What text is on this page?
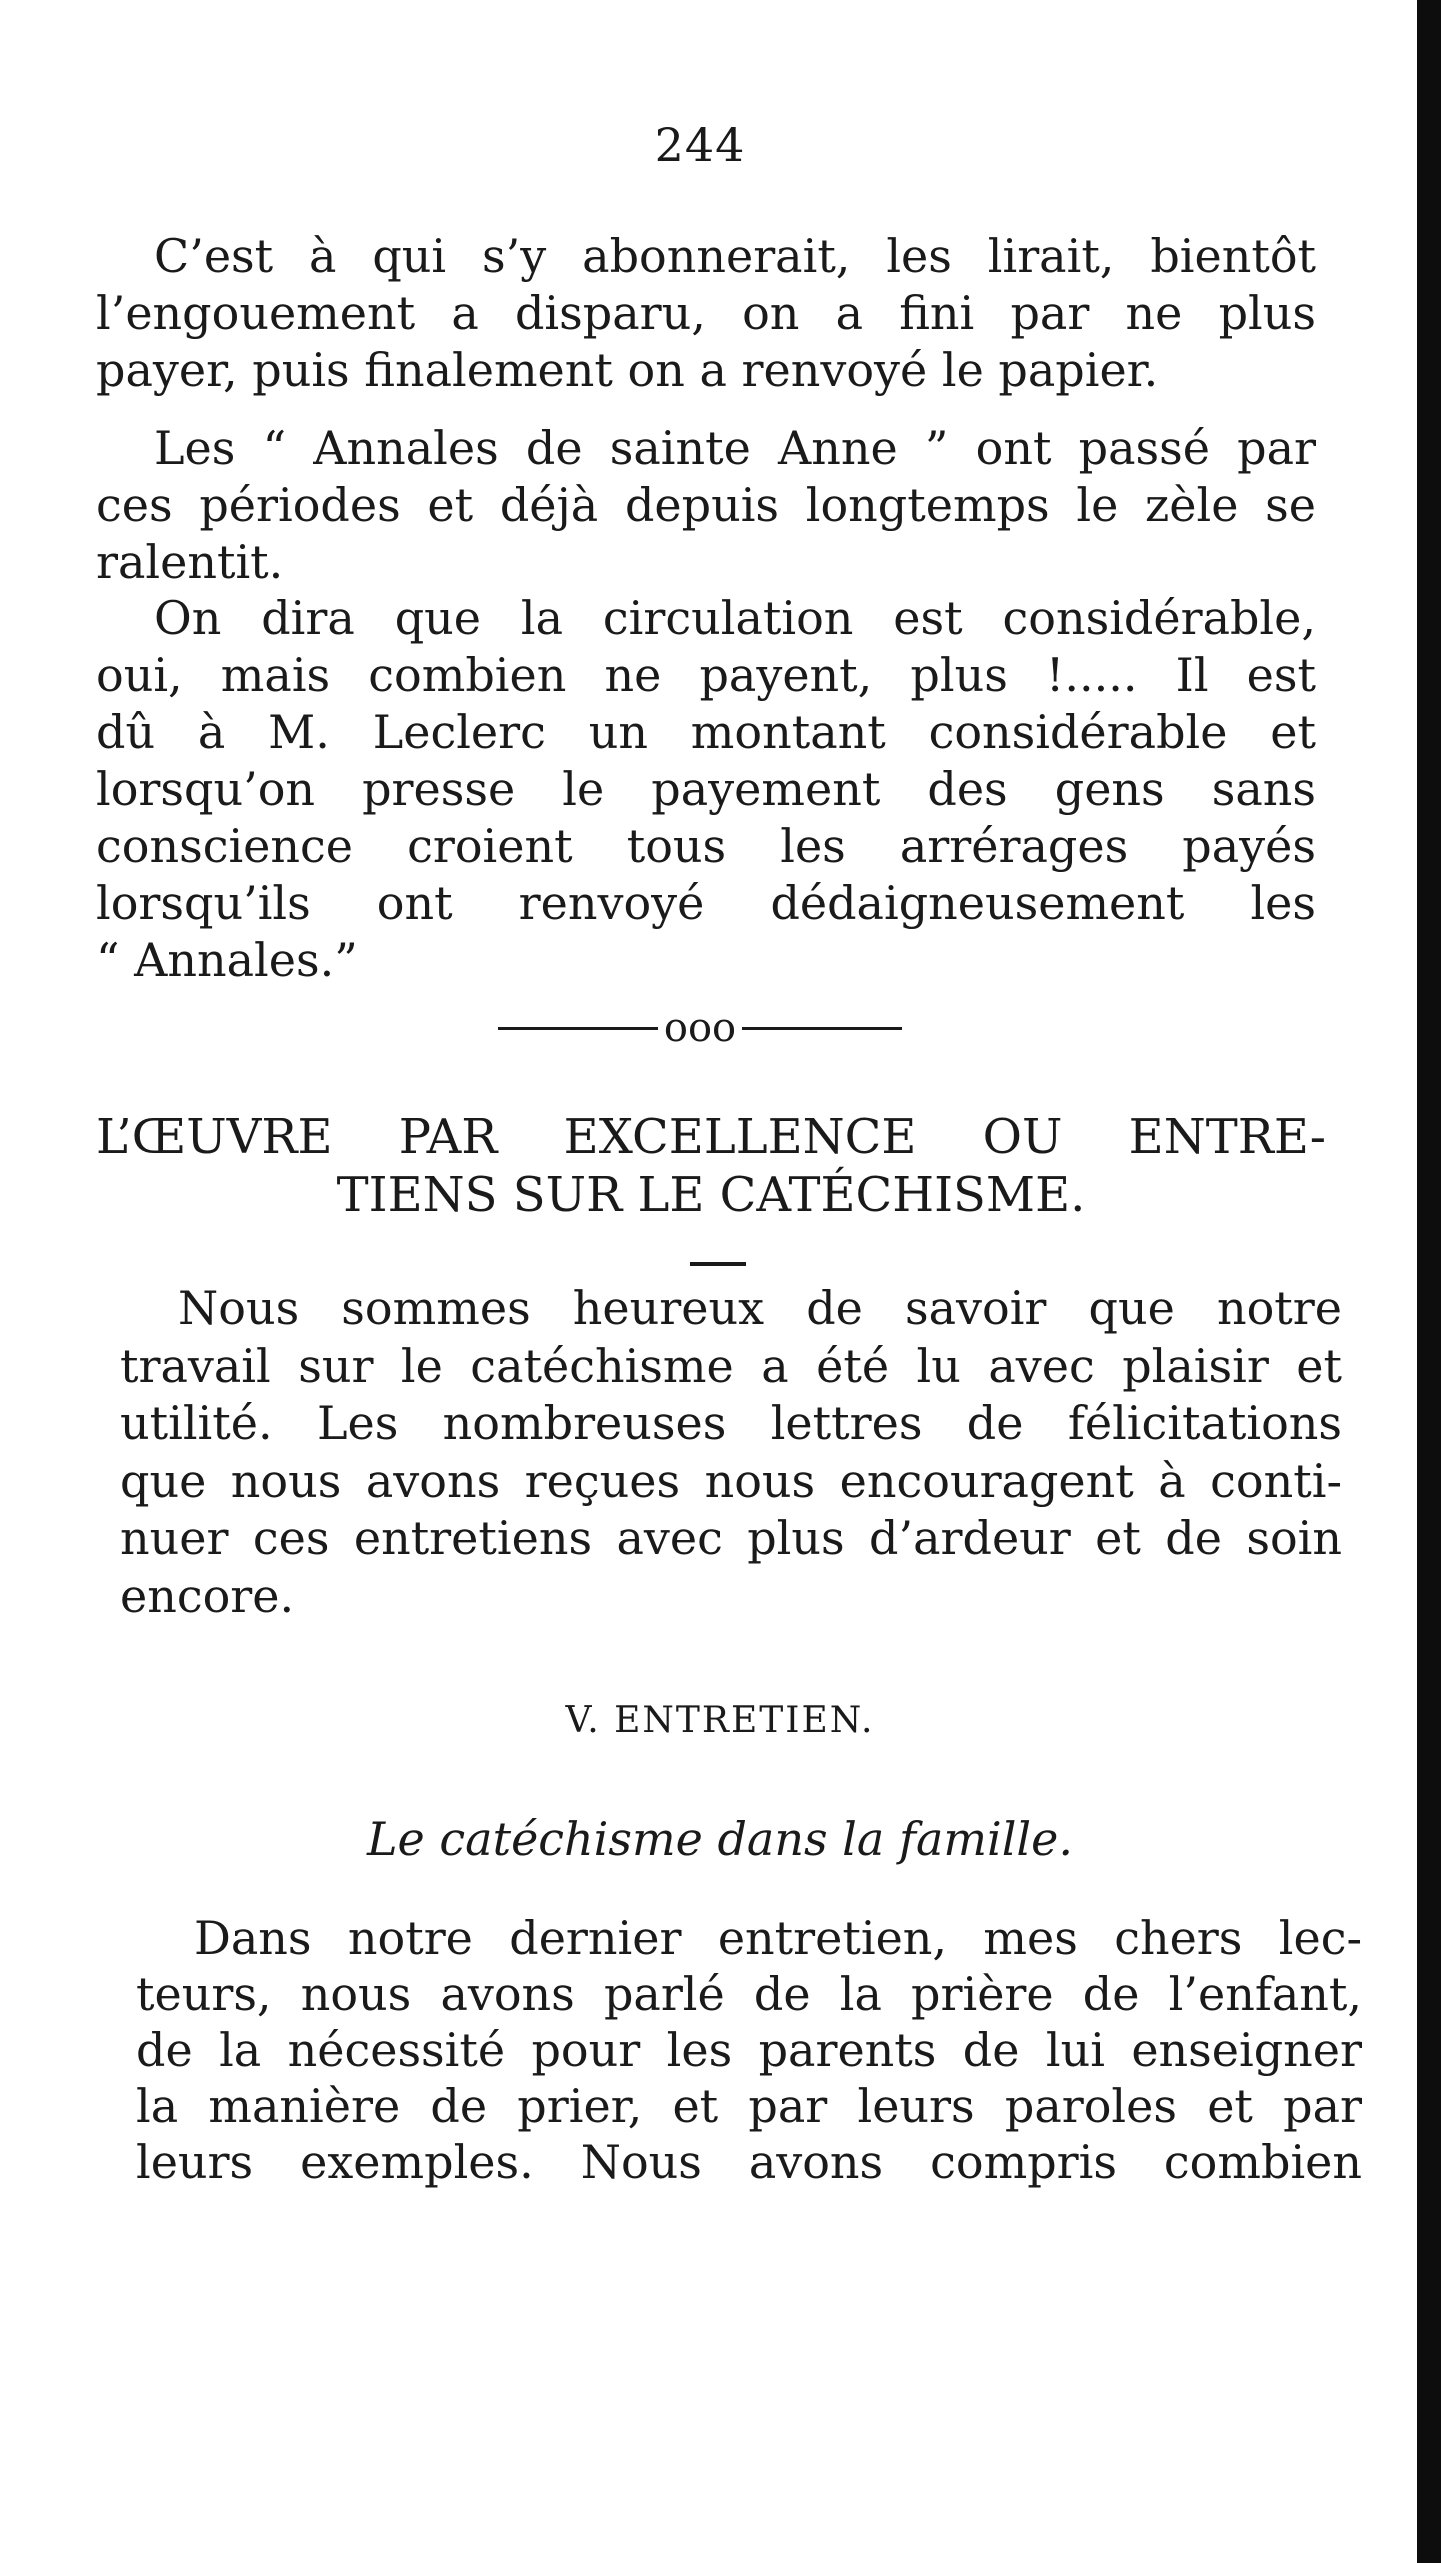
244
C’est à qui s’y abonnerait, les lirait, bientôt
l’engouement a disparu, on a fini par ne plus
payer, puis finalement on a renvoyé le papier.
Les “ Annales de sainte Anne ” ont passé par
ces périodes et déjà depuis longtemps le zèle se
ralentit.
On dira que la circulation est considérable,
oui, mais combien ne payent, plus !..... Il est
dû à M. Leclerc un montant considérable et
lorsqu’on presse le payement des gens sans
conscience croient tous les arrérages payés
lorsqu’ils ont renvoyé dédaigneusement les
“ Annales.”
ooo
L’ŒUVRE PAR EXCELLENCE OU ENTRE-
TIENS SUR LE CATÉCHISME.
Nous sommes heureux de savoir que notre
travail sur le catéchisme a été lu avec plaisir et
utilité. Les nombreuses lettres de félicitations
que nous avons reçues nous encouragent à conti-
nuer ces entretiens avec plus d’ardeur et de soin
encore.
V. ENTRETIEN.
Le catéchisme dans la famille.
Dans notre dernier entretien, mes chers lec-
teurs, nous avons parlé de la prière de l’enfant,
de la nécessité pour les parents de lui enseigner
la manière de prier, et par leurs paroles et par
leurs exemples. Nous avons compris combien
